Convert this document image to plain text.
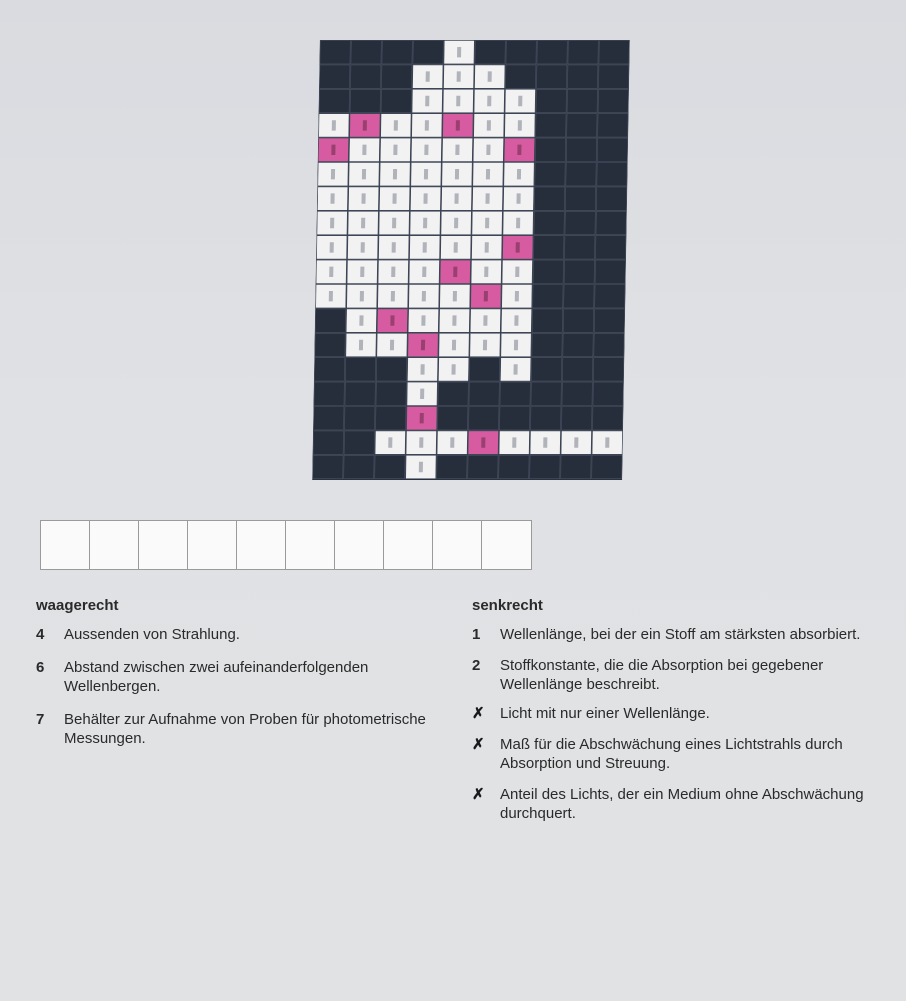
waagerecht
4	Aussenden von Strahlung.
6	Abstand zwischen zwei aufeinanderfolgenden Wellenbergen.
7	Behälter zur Aufnahme von Proben für photometrische Messungen.
senkrecht
1	Wellenlänge, bei der ein Stoff am stärksten absorbiert.
2	Stoffkonstante, die die Absorption bei gegebener Wellenlänge beschreibt.
✗	Licht mit nur einer Wellenlänge.
✗	Maß für die Abschwächung eines Lichtstrahls durch Absorption und Streuung.
✗	Anteil des Lichts, der ein Medium ohne Abschwächung durchquert.
